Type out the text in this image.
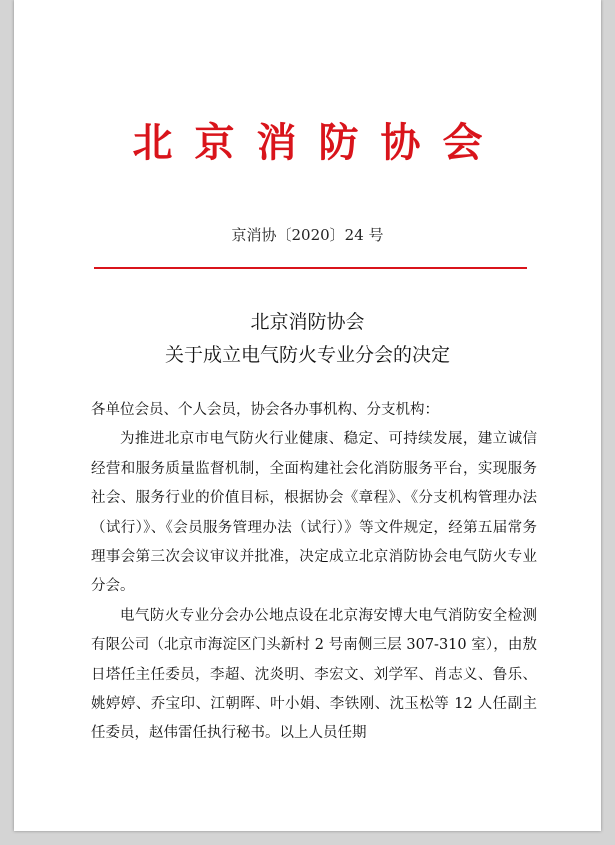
北京消防协会
京消协〔2020〕24 号
北京消防协会
关于成立电气防火专业分会的决定

各单位会员、个人会员，协会各办事机构、分支机构：

为推进北京市电气防火行业健康、稳定、可持续发展，建立诚信经营和服务质量监督机制，全面构建社会化消防服务平台，实现服务社会、服务行业的价值目标，根据协会《章程》、《分支机构管理办法（试行）》、《会员服务管理办法（试行）》等文件规定，经第五届常务理事会第三次会议审议并批准，决定成立北京消防协会电气防火专业分会。

电气防火专业分会办公地点设在北京海安博大电气消防安全检测有限公司（北京市海淀区门头新村 2 号南侧三层 307-310 室），由敖日塔任主任委员，李超、沈炎明、李宏文、刘学军、肖志义、鲁乐、姚婷婷、乔宝印、江朝晖、叶小娟、李铁刚、沈玉松等 12 人任副主任委员，赵伟雷任执行秘书。以上人员任期
